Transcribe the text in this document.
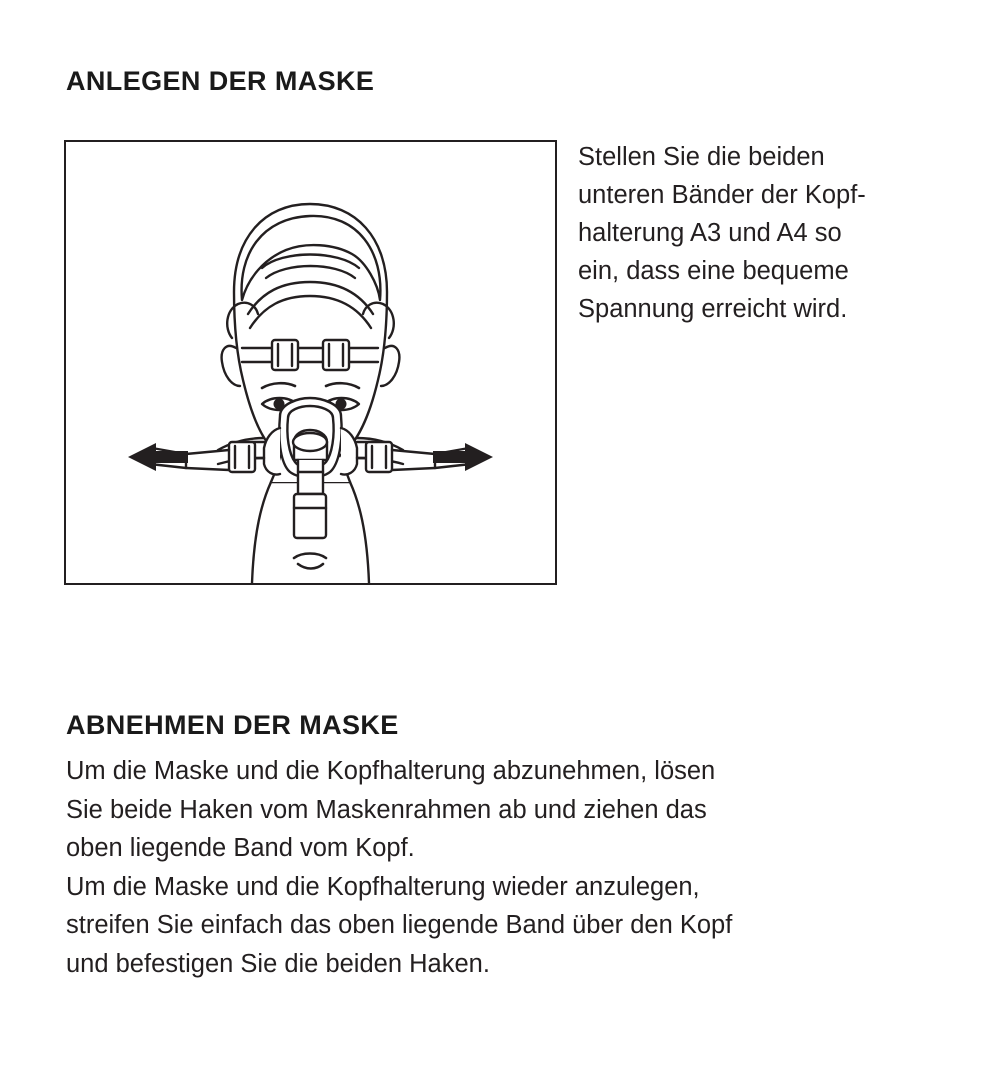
ANLEGEN DER MASKE
Stellen Sie die beiden
unteren Bänder der Kopf-
halterung A3 und A4 so
ein, dass eine bequeme
Spannung erreicht wird.
ABNEHMEN DER MASKE
Um die Maske und die Kopfhalterung abzunehmen, lösen
Sie beide Haken vom Maskenrahmen ab und ziehen das
oben liegende Band vom Kopf.
Um die Maske und die Kopfhalterung wieder anzulegen,
streifen Sie einfach das oben liegende Band über den Kopf
und befestigen Sie die beiden Haken.
